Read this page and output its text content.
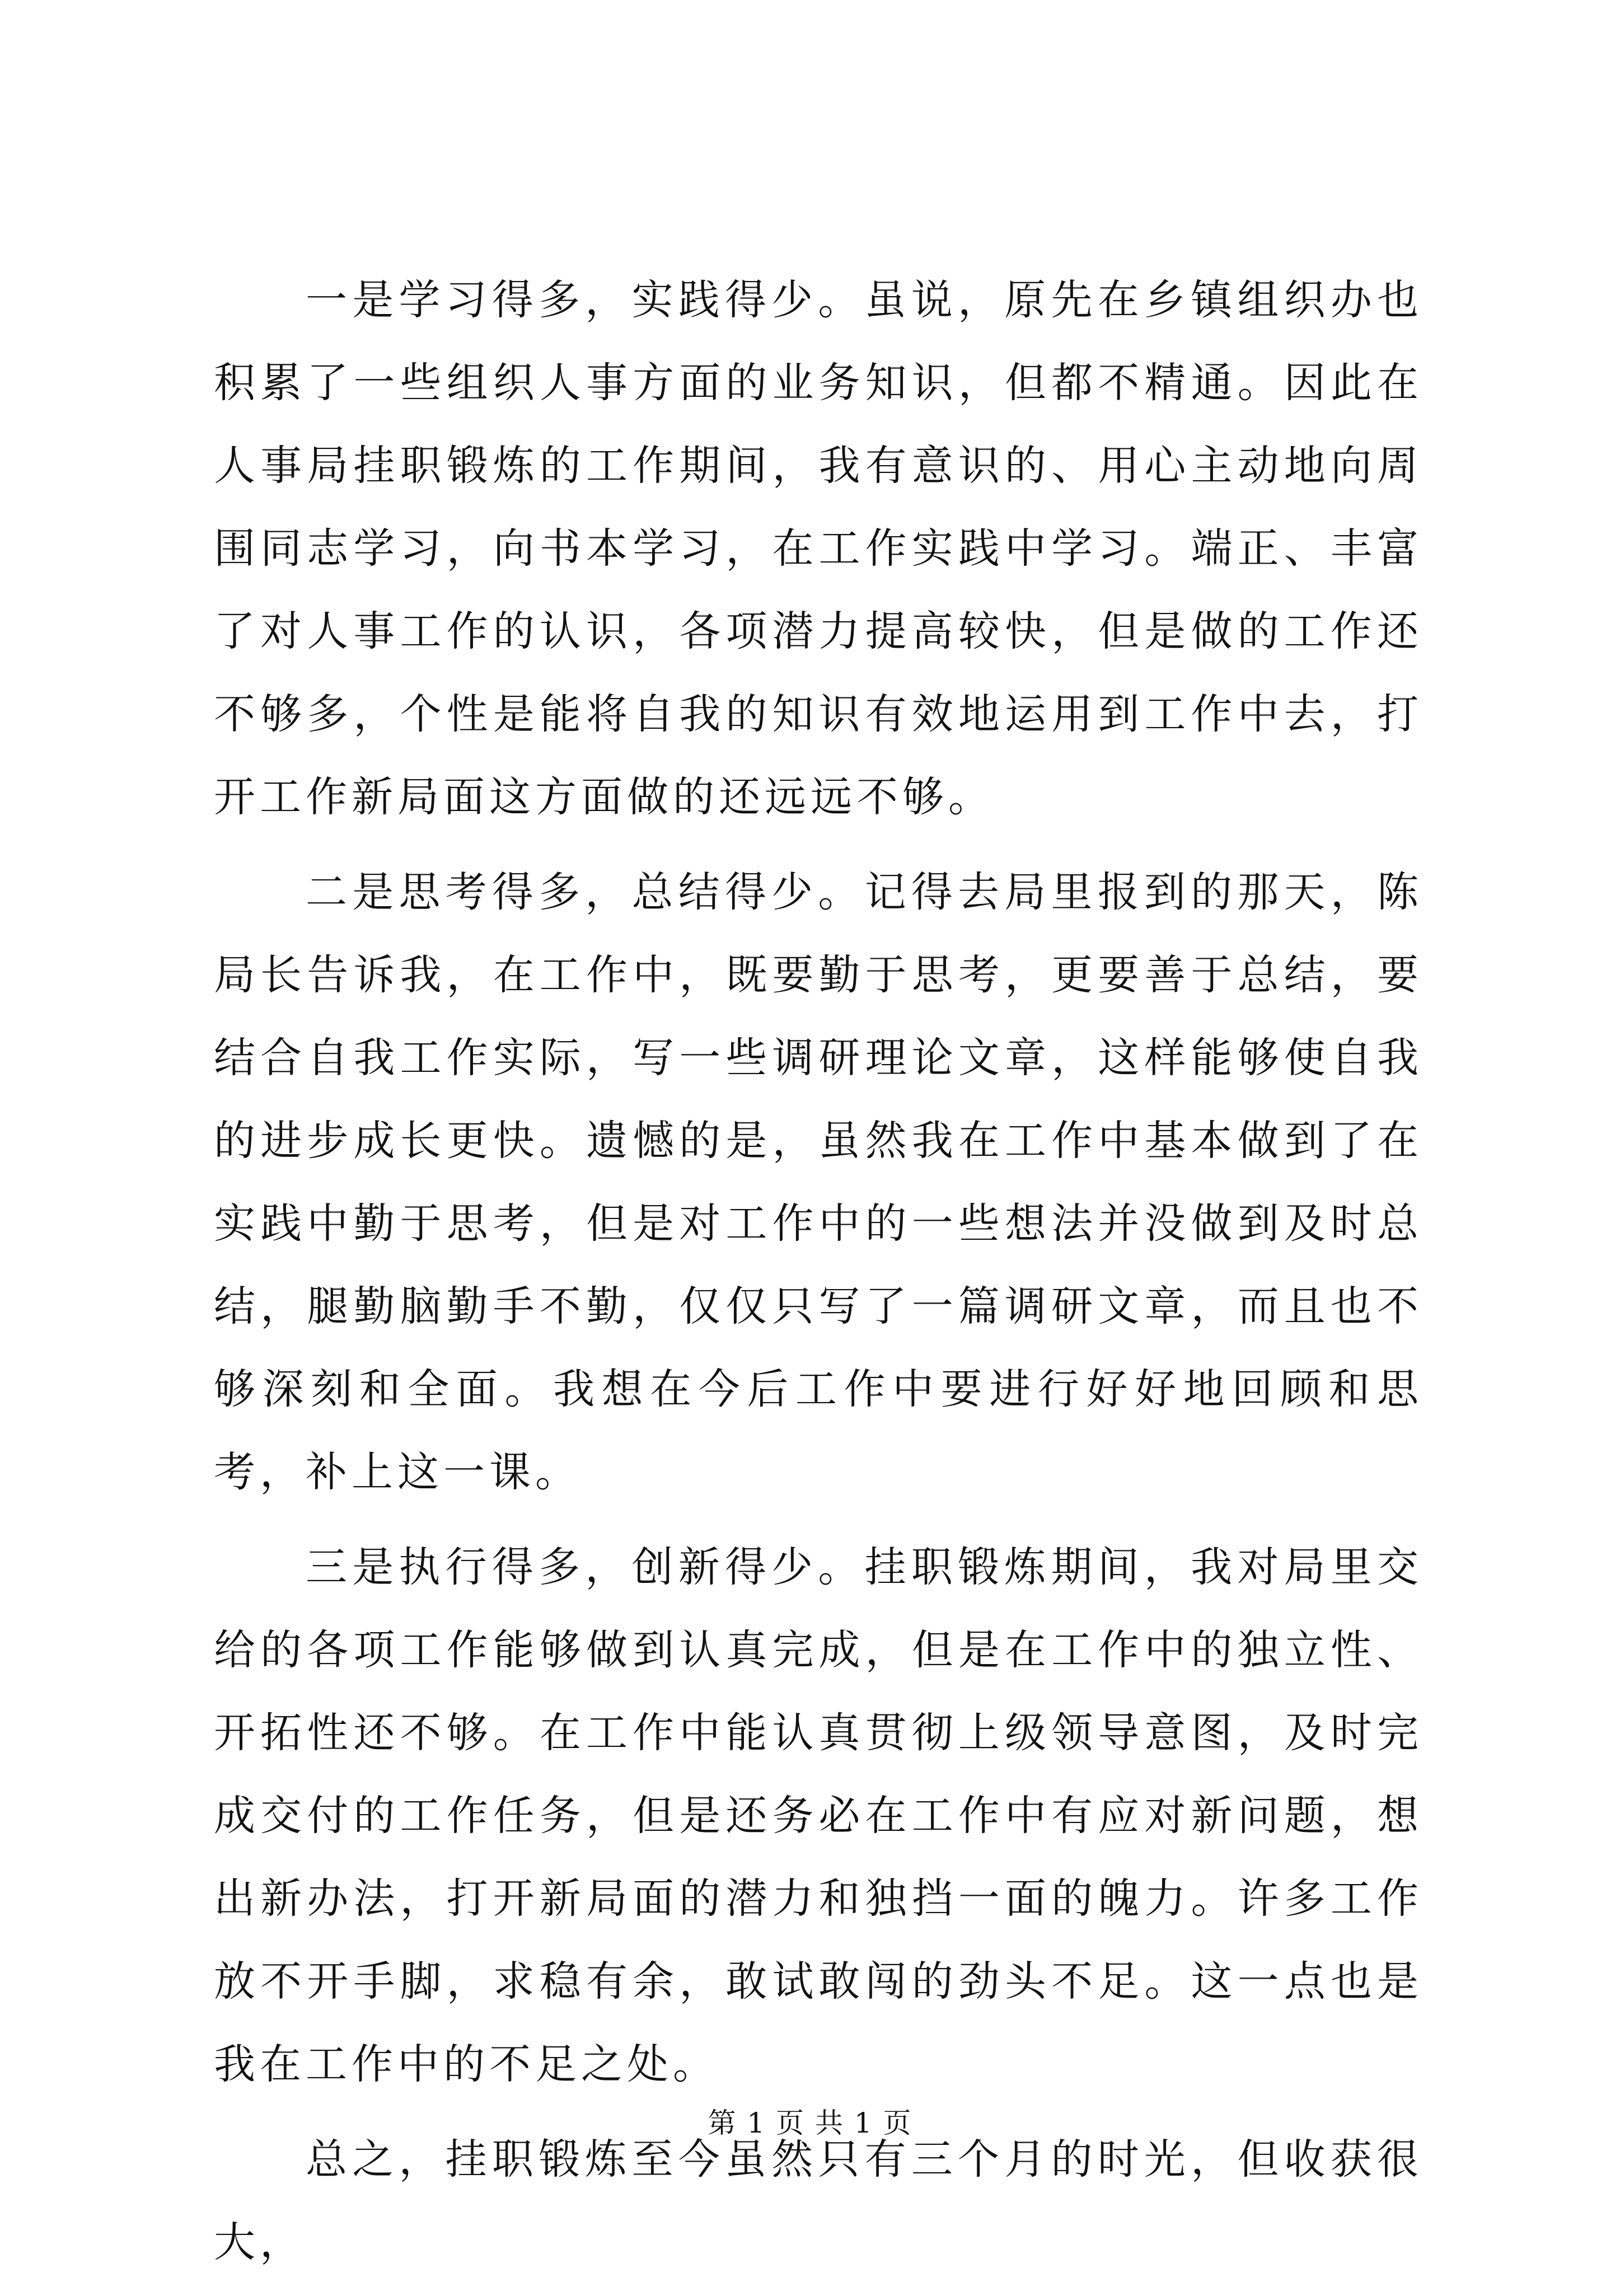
一是学习得多，实践得少。虽说，原先在乡镇组织办也积累了一些组织人事方面的业务知识，但都不精通。因此在人事局挂职锻炼的工作期间，我有意识的、用心主动地向周围同志学习，向书本学习，在工作实践中学习。端正、丰富了对人事工作的认识，各项潜力提高较快，但是做的工作还不够多，个性是能将自我的知识有效地运用到工作中去，打开工作新局面这方面做的还远远不够。

二是思考得多，总结得少。记得去局里报到的那天，陈局长告诉我，在工作中，既要勤于思考，更要善于总结，要结合自我工作实际，写一些调研理论文章，这样能够使自我的进步成长更快。遗憾的是，虽然我在工作中基本做到了在实践中勤于思考，但是对工作中的一些想法并没做到及时总结，腿勤脑勤手不勤，仅仅只写了一篇调研文章，而且也不够深刻和全面。我想在今后工作中要进行好好地回顾和思考，补上这一课。

三是执行得多，创新得少。挂职锻炼期间，我对局里交给的各项工作能够做到认真完成，但是在工作中的独立性、开拓性还不够。在工作中能认真贯彻上级领导意图，及时完成交付的工作任务，但是还务必在工作中有应对新问题，想出新办法，打开新局面的潜力和独挡一面的魄力。许多工作放不开手脚，求稳有余，敢试敢闯的劲头不足。这一点也是我在工作中的不足之处。

总之，挂职锻炼至今虽然只有三个月的时光，但收获很大，

第 1 页 共 1 页
